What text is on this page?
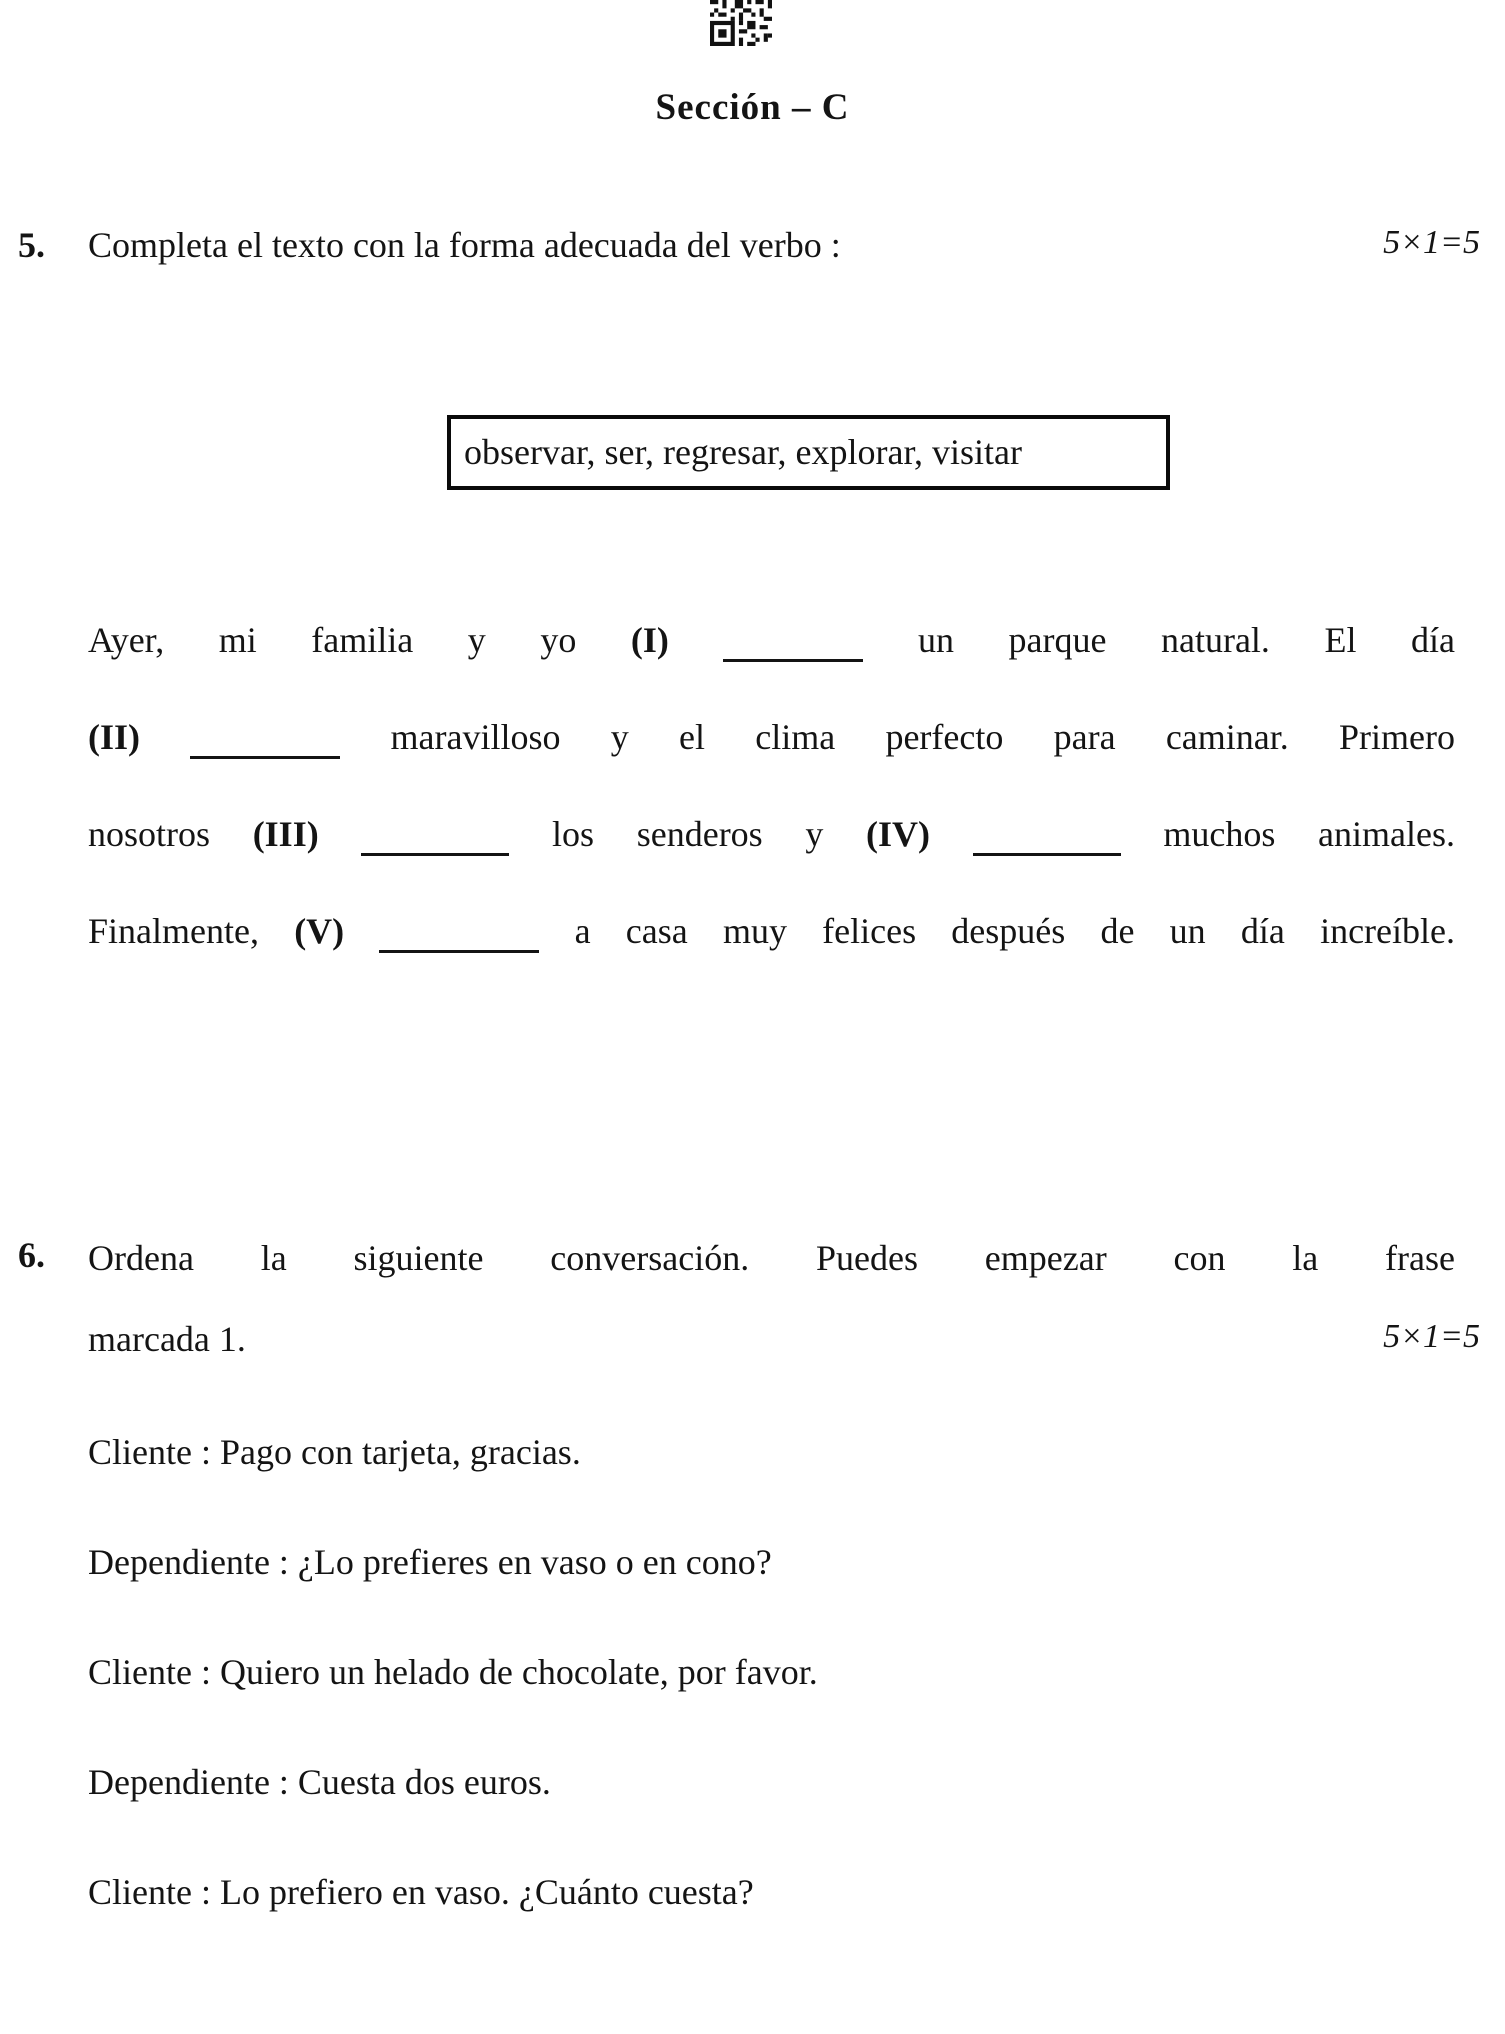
Sección – C
5. Completa el texto con la forma adecuada del verbo :	5×1=5
observar, ser, regresar, explorar, visitar
Ayer, mi familia y yo (I)	un parque natural. El día
(II)	maravilloso y el clima perfecto para caminar. Primero
nosotros (III)	los senderos y (IV)	muchos animales.
Finalmente, (V)	a casa muy felices después de un día increíble.
6. Ordena la siguiente conversación. Puedes empezar con la frase
marcada 1.	5×1=5
Cliente : Pago con tarjeta, gracias.
Dependiente : ¿Lo prefieres en vaso o en cono?
Cliente : Quiero un helado de chocolate, por favor.
Dependiente : Cuesta dos euros.
Cliente : Lo prefiero en vaso. ¿Cuánto cuesta?
